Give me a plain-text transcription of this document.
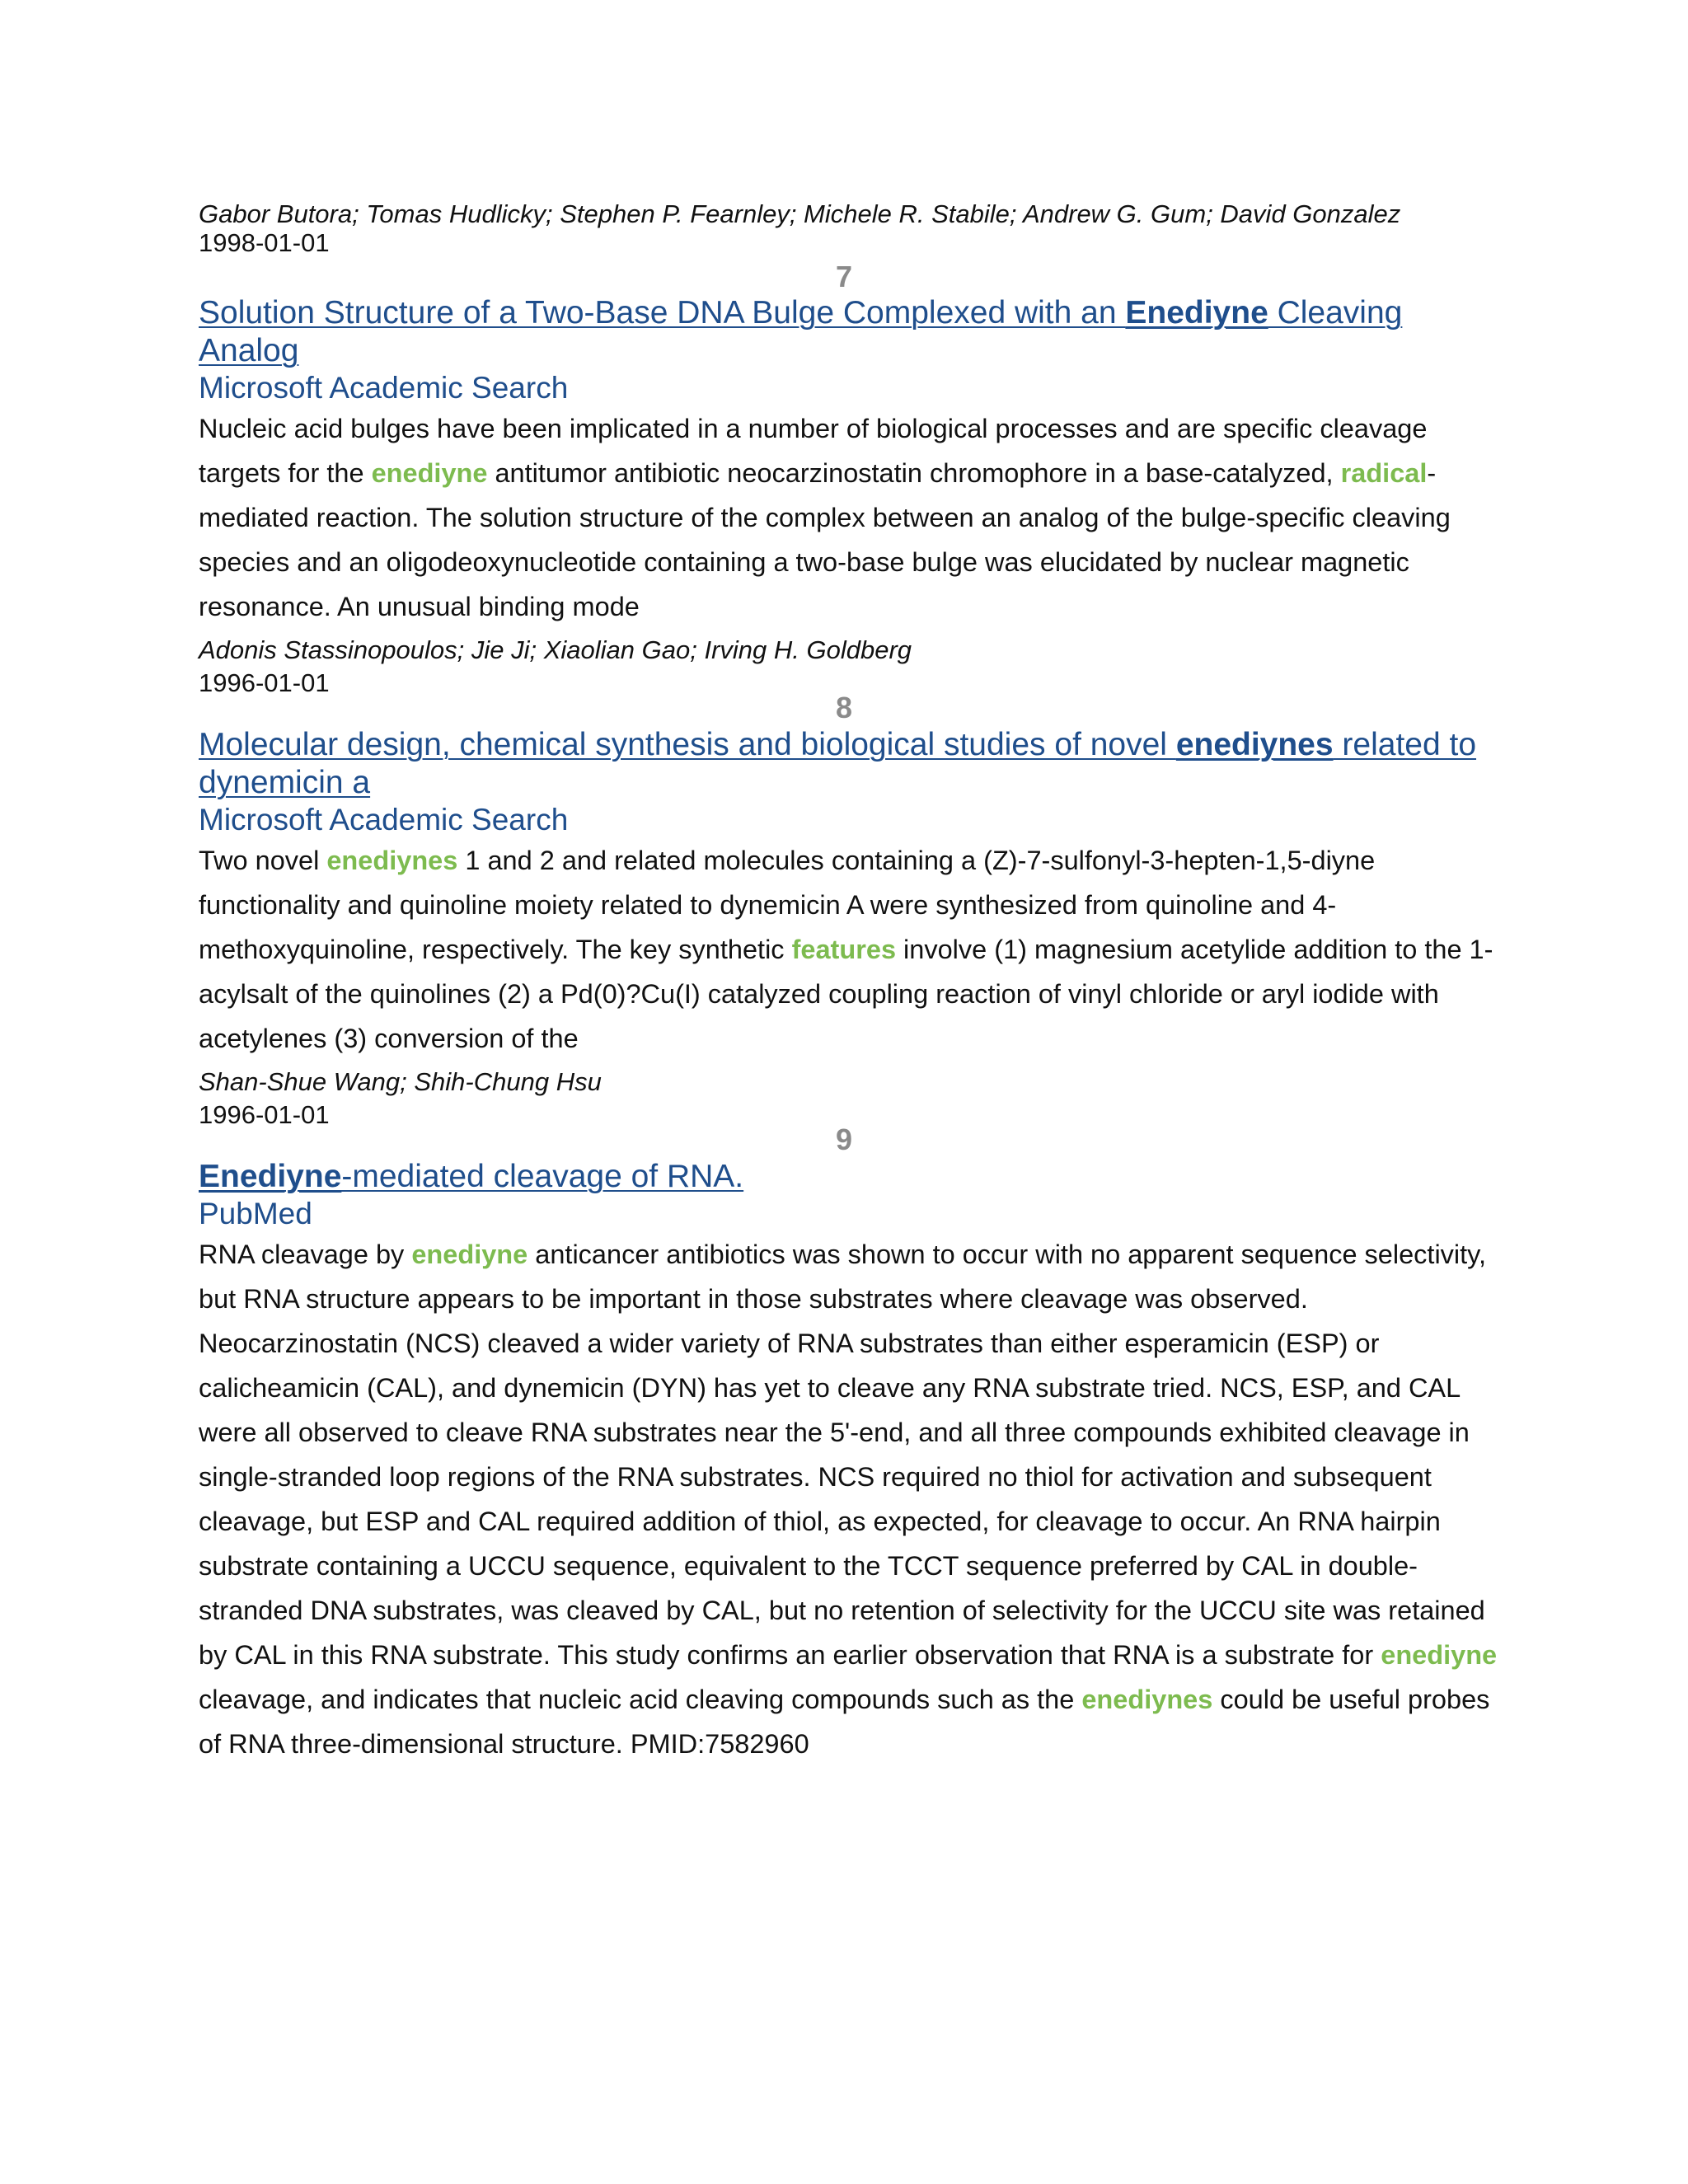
Gabor Butora; Tomas Hudlicky; Stephen P. Fearnley; Michele R. Stabile; Andrew G. Gum; David Gonzalez
1998-01-01
7
Solution Structure of a Two-Base DNA Bulge Complexed with an Enediyne Cleaving Analog
Microsoft Academic Search
Nucleic acid bulges have been implicated in a number of biological processes and are specific cleavage targets for the enediyne antitumor antibiotic neocarzinostatin chromophore in a base-catalyzed, radical-mediated reaction. The solution structure of the complex between an analog of the bulge-specific cleaving species and an oligodeoxynucleotide containing a two-base bulge was elucidated by nuclear magnetic resonance. An unusual binding mode
Adonis Stassinopoulos; Jie Ji; Xiaolian Gao; Irving H. Goldberg
1996-01-01
8
Molecular design, chemical synthesis and biological studies of novel enediynes related to dynemicin a
Microsoft Academic Search
Two novel enediynes 1 and 2 and related molecules containing a (Z)-7-sulfonyl-3-hepten-1,5-diyne functionality and quinoline moiety related to dynemicin A were synthesized from quinoline and 4-methoxyquinoline, respectively. The key synthetic features involve (1) magnesium acetylide addition to the 1-acylsalt of the quinolines (2) a Pd(0)?Cu(I) catalyzed coupling reaction of vinyl chloride or aryl iodide with acetylenes (3) conversion of the
Shan-Shue Wang; Shih-Chung Hsu
1996-01-01
9
Enediyne-mediated cleavage of RNA.
PubMed
RNA cleavage by enediyne anticancer antibiotics was shown to occur with no apparent sequence selectivity, but RNA structure appears to be important in those substrates where cleavage was observed. Neocarzinostatin (NCS) cleaved a wider variety of RNA substrates than either esperamicin (ESP) or calicheamicin (CAL), and dynemicin (DYN) has yet to cleave any RNA substrate tried. NCS, ESP, and CAL were all observed to cleave RNA substrates near the 5'-end, and all three compounds exhibited cleavage in single-stranded loop regions of the RNA substrates. NCS required no thiol for activation and subsequent cleavage, but ESP and CAL required addition of thiol, as expected, for cleavage to occur. An RNA hairpin substrate containing a UCCU sequence, equivalent to the TCCT sequence preferred by CAL in double-stranded DNA substrates, was cleaved by CAL, but no retention of selectivity for the UCCU site was retained by CAL in this RNA substrate. This study confirms an earlier observation that RNA is a substrate for enediyne cleavage, and indicates that nucleic acid cleaving compounds such as the enediynes could be useful probes of RNA three-dimensional structure. PMID:7582960
